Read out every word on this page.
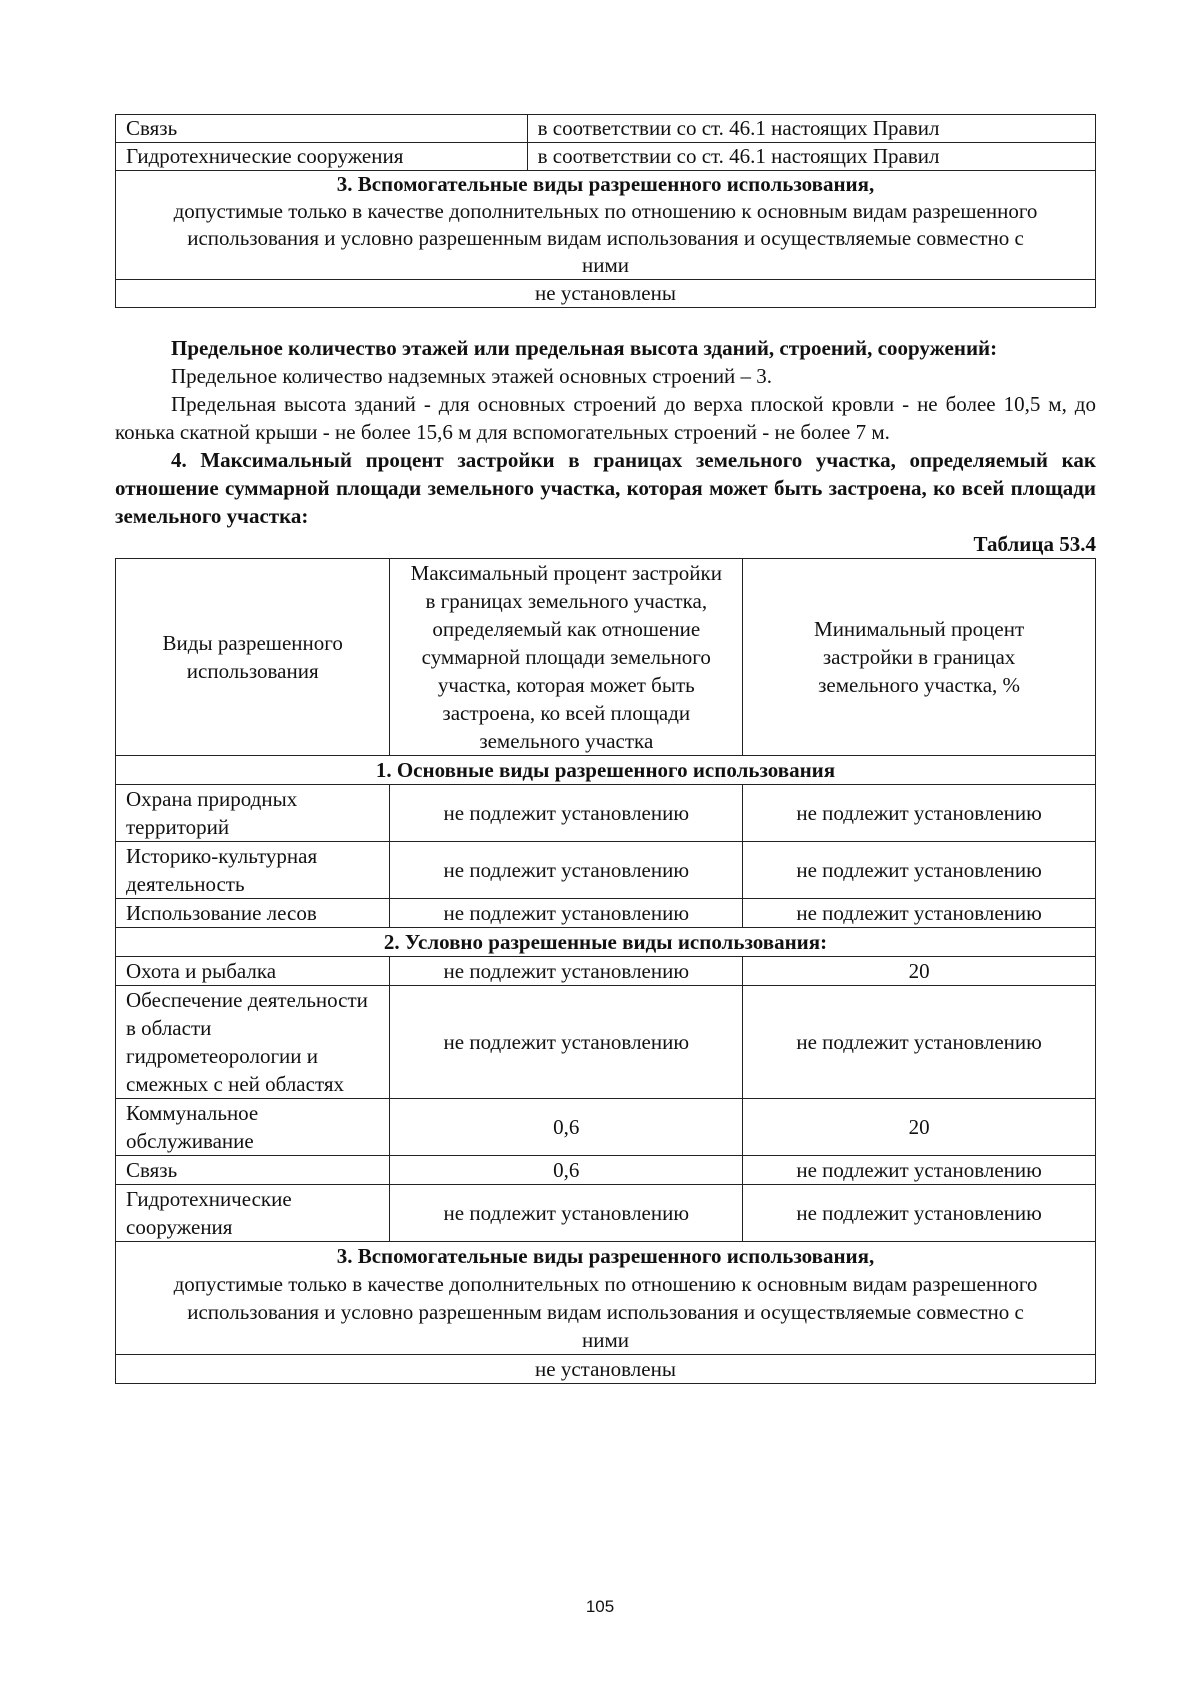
Связь	в соответствии со ст. 46.1 настоящих Правил
Гидротехнические сооружения	в соответствии со ст. 46.1 настоящих Правил

3. Вспомогательные виды разрешенного использования,
допустимые только в качестве дополнительных по отношению к основным видам разрешенного использования и условно разрешенным видам использования и осуществляемые совместно с ними	

не установлены	

Предельное количество этажей или предельная высота зданий, строений, сооружений:

Предельное количество надземных этажей основных строений – 3.

Предельная высота зданий - для основных строений до верха плоской кровли - не более 10,5 м, до конька скатной крыши - не более 15,6 м для вспомогательных строений - не более 7 м.

4. Максимальный процент застройки в границах земельного участка, определяемый как отношение суммарной площади земельного участка, которая может быть застроена, ко всей площади земельного участка:

Таблица 53.4
Виды разрешенного использования	Максимальный процент застройки в границах земельного участка, определяемый как отношение суммарной площади земельного участка, которая может быть застроена, ко всей площади земельного участка	Минимальный процент застройки в границах земельного участка, %
1. Основные виды разрешенного использования		
Охрана природных территорий	не подлежит установлению	не подлежит установлению
Историко-культурная деятельность	не подлежит установлению	не подлежит установлению
Использование лесов	не подлежит установлению	не подлежит установлению
2. Условно разрешенные виды использования:		
Охота и рыбалка	не подлежит установлению	20
Обеспечение деятельности в области гидрометеорологии и смежных с ней областях	не подлежит установлению	не подлежит установлению
Коммунальное обслуживание	0,6	20
Связь	0,6	не подлежит установлению
Гидротехнические сооружения	не подлежит установлению	не подлежит установлению

3. Вспомогательные виды разрешенного использования,
допустимые только в качестве дополнительных по отношению к основным видам разрешенного использования и условно разрешенным видам использования и осуществляемые совместно с ними		

не установлены		
105
